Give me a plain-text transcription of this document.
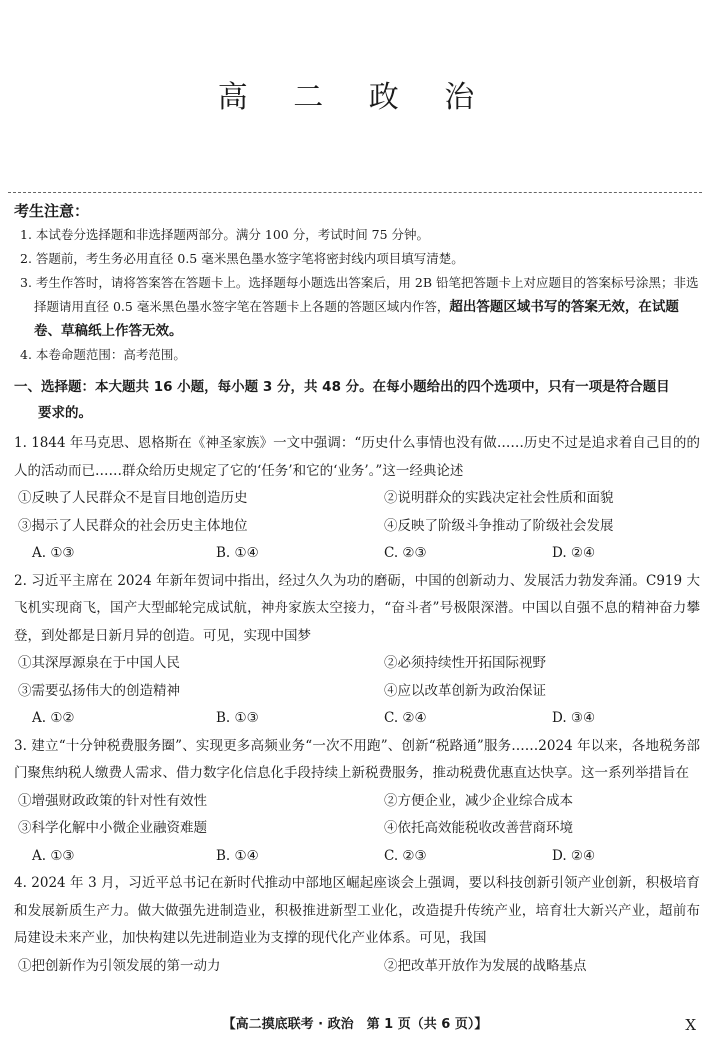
高 二 政 治
考生注意：
1. 本试卷分选择题和非选择题两部分。满分 100 分，考试时间 75 分钟。
2. 答题前，考生务必用直径 0.5 毫米黑色墨水签字笔将密封线内项目填写清楚。
3. 考生作答时，请将答案答在答题卡上。选择题每小题选出答案后，用 2B 铅笔把答题卡上对应题目的答案标号涂黑；非选择题请用直径 0.5 毫米黑色墨水签字笔在答题卡上各题的答题区域内作答，超出答题区域书写的答案无效，在试题卷、草稿纸上作答无效。
4. 本卷命题范围：高考范围。
一、选择题：本大题共 16 小题，每小题 3 分，共 48 分。在每小题给出的四个选项中，只有一项是符合题目
要求的。
1. 1844 年马克思、恩格斯在《神圣家族》一文中强调：“历史什么事情也没有做……历史不过是追求着自己目的的人的活动而已……群众给历史规定了它的‘任务’和它的‘业务’。”这一经典论述
①反映了人民群众不是盲目地创造历史	②说明群众的实践决定社会性质和面貌
③揭示了人民群众的社会历史主体地位	④反映了阶级斗争推动了阶级社会发展
A. ①③	B. ①④	C. ②③	D. ②④
2. 习近平主席在 2024 年新年贺词中指出，经过久久为功的磨砺，中国的创新动力、发展活力勃发奔涌。C919 大飞机实现商飞，国产大型邮轮完成试航，神舟家族太空接力，“奋斗者”号极限深潜。中国以自强不息的精神奋力攀登，到处都是日新月异的创造。可见，实现中国梦
①其深厚源泉在于中国人民	②必须持续性开拓国际视野
③需要弘扬伟大的创造精神	④应以改革创新为政治保证
A. ①②	B. ①③	C. ②④	D. ③④
3. 建立“十分钟税费服务圈”、实现更多高频业务“一次不用跑”、创新“税路通”服务……2024 年以来，各地税务部门聚焦纳税人缴费人需求、借力数字化信息化手段持续上新税费服务，推动税费优惠直达快享。这一系列举措旨在
①增强财政政策的针对性有效性	②方便企业，减少企业综合成本
③科学化解中小微企业融资难题	④依托高效能税收改善营商环境
A. ①③	B. ①④	C. ②③	D. ②④
4. 2024 年 3 月，习近平总书记在新时代推动中部地区崛起座谈会上强调，要以科技创新引领产业创新，积极培育和发展新质生产力。做大做强先进制造业，积极推进新型工业化，改造提升传统产业，培育壮大新兴产业，超前布局建设未来产业，加快构建以先进制造业为支撑的现代化产业体系。可见，我国
①把创新作为引领发展的第一动力	②把改革开放作为发展的战略基点
【高二摸底联考 · 政治　第 1 页（共 6 页）】	X
